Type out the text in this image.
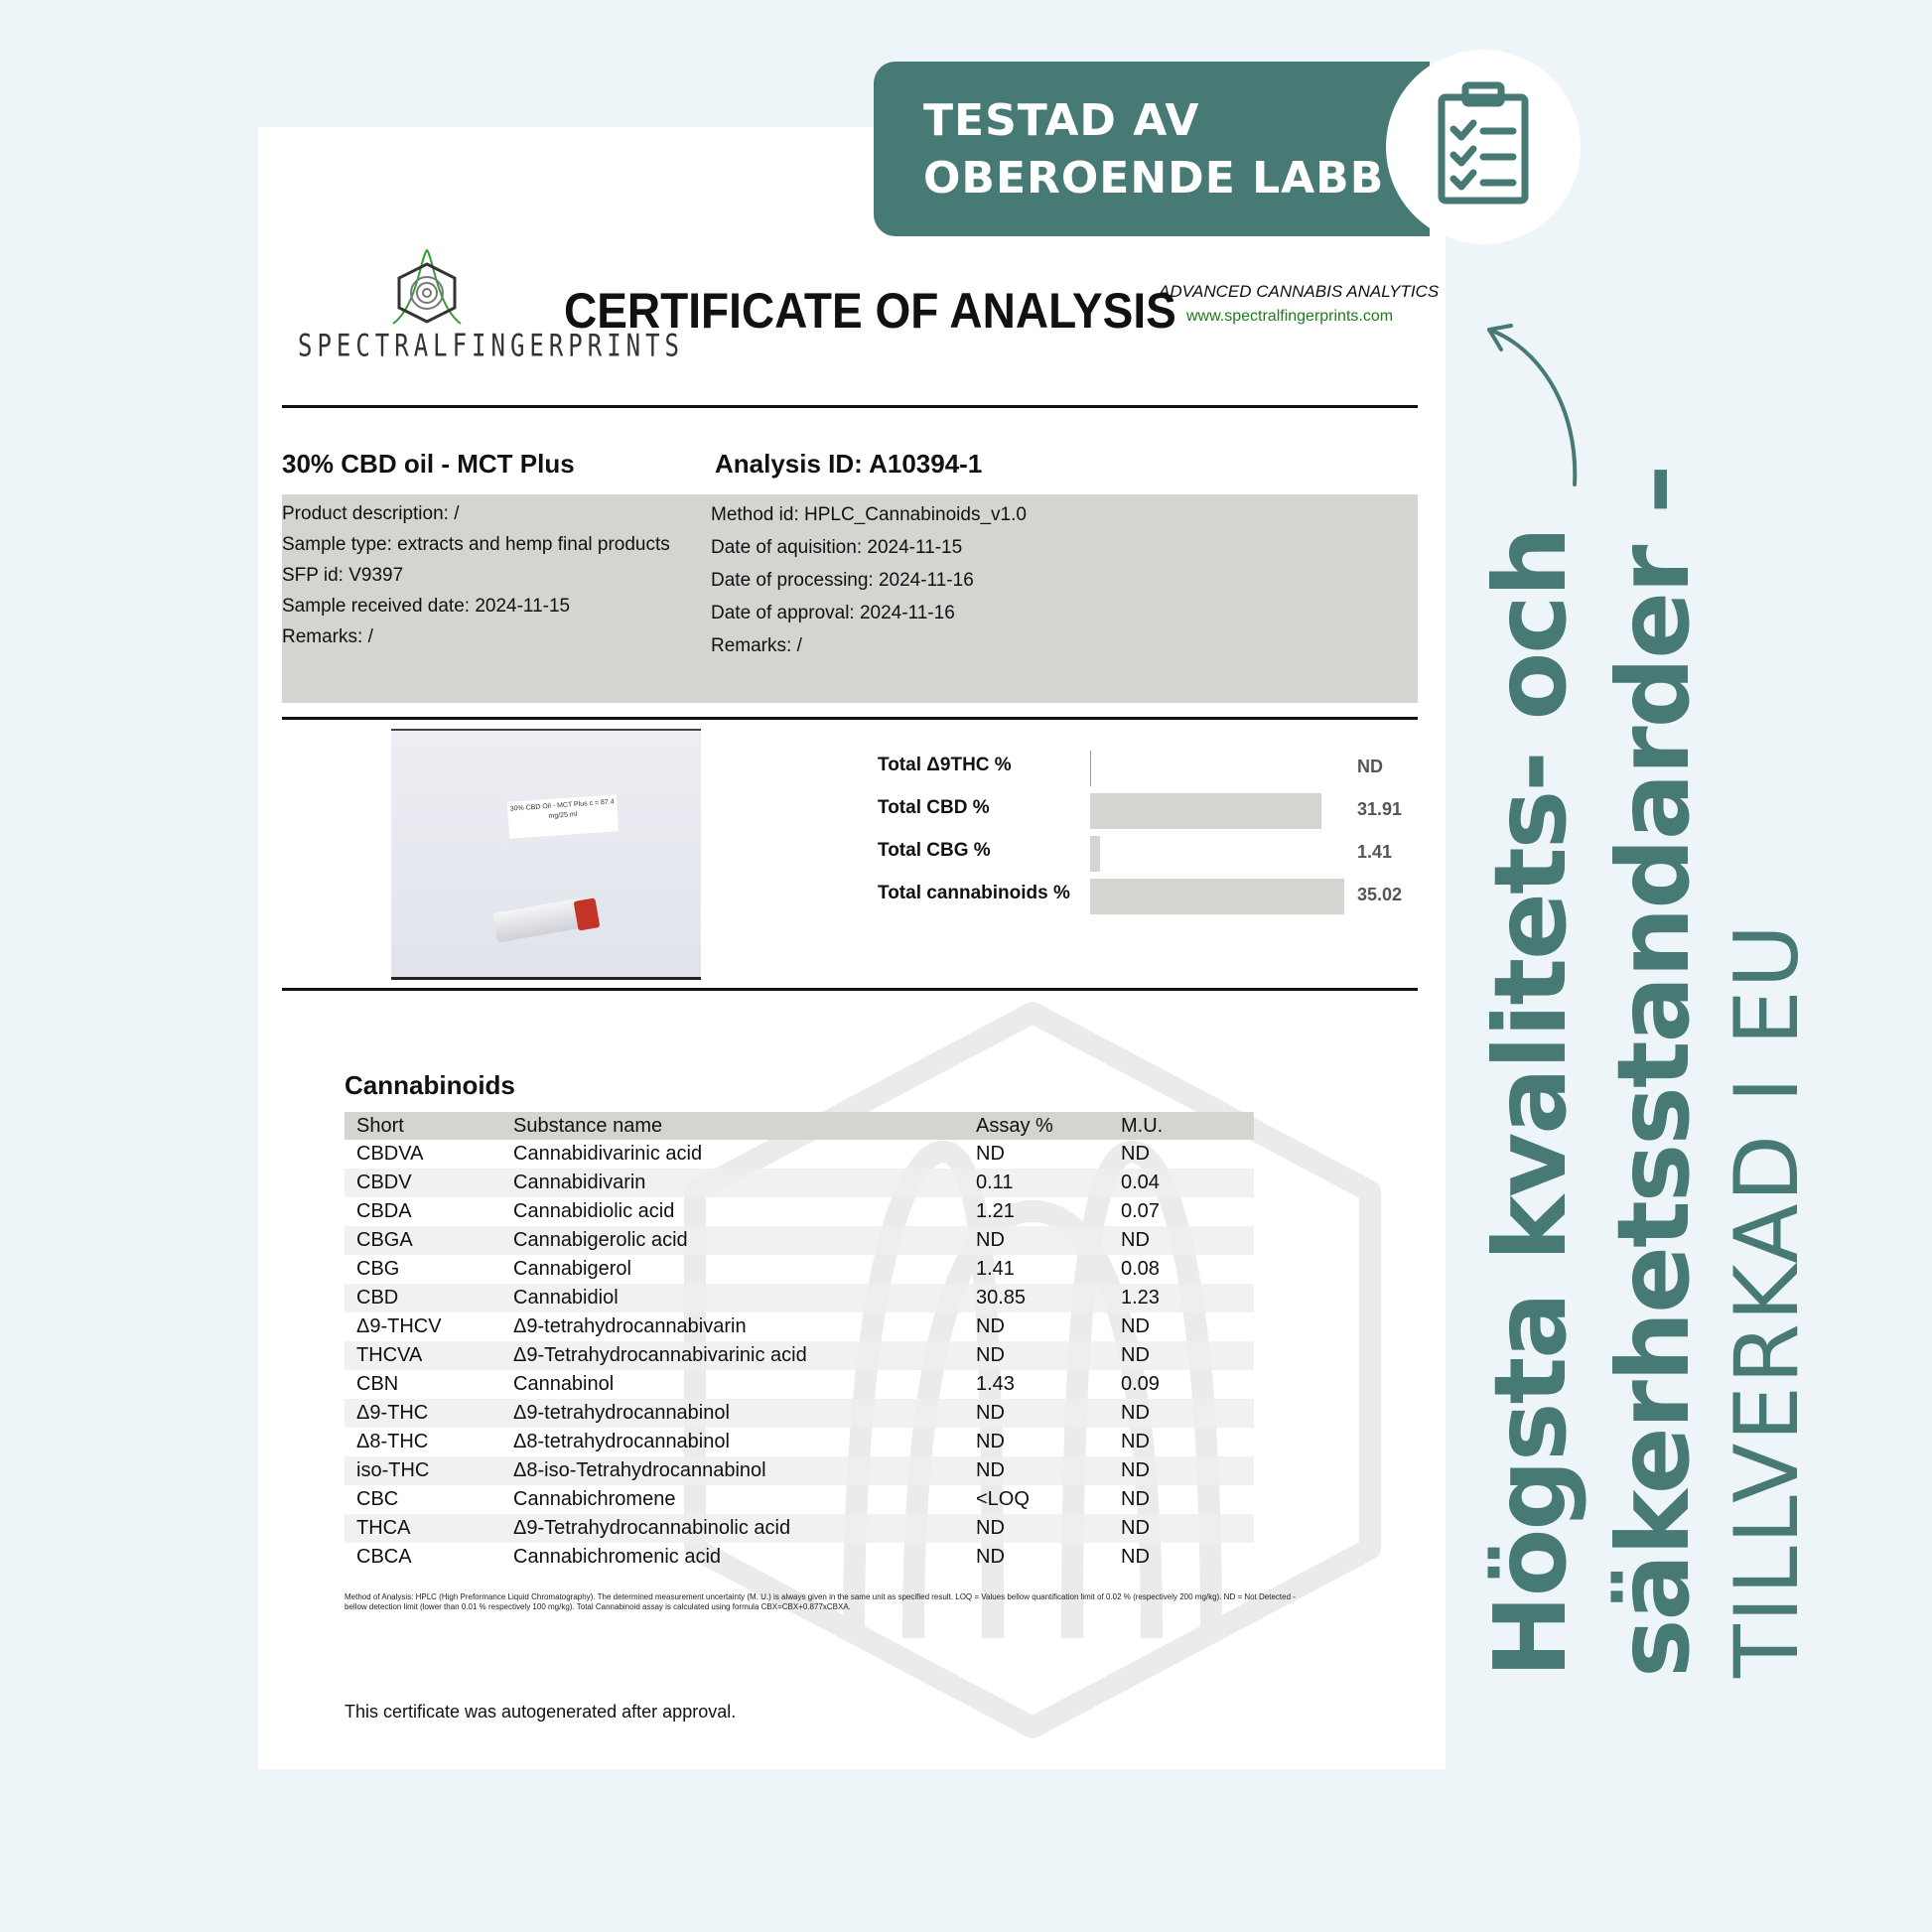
Högsta kvalitets- och säkerhetsstandarder – TILLVERKAD I EU
TESTAD AV
OBEROENDE LABB
SPECTRALFINGERPRINTS
CERTIFICATE OF ANALYSIS
ADVANCED CANNABIS ANALYTICS
www.spectralfingerprints.com
30% CBD oil - MCT Plus	Analysis ID: A10394-1
Product description: /
Sample type: extracts and hemp final products
SFP id: V9397
Sample received date: 2024-11-15
Remarks: /
Method id: HPLC_Cannabinoids_v1.0
Date of aquisition: 2024-11-15
Date of processing: 2024-11-16
Date of approval: 2024-11-16
Remarks: /
30% CBD Oil - MCT Plus c = 87.4 mg/25 ml
Total Δ9THC %	ND
Total CBD %	31.91
Total CBG %	1.41
Total cannabinoids %	35.02
Cannabinoids
Short	Substance name	Assay %	M.U.
CBDVA	Cannabidivarinic acid	ND	ND
CBDV	Cannabidivarin	0.11	0.04
CBDA	Cannabidiolic acid	1.21	0.07
CBGA	Cannabigerolic acid	ND	ND
CBG	Cannabigerol	1.41	0.08
CBD	Cannabidiol	30.85	1.23
Δ9-THCV	Δ9-tetrahydrocannabivarin	ND	ND
THCVA	Δ9-Tetrahydrocannabivarinic acid	ND	ND
CBN	Cannabinol	1.43	0.09
Δ9-THC	Δ9-tetrahydrocannabinol	ND	ND
Δ8-THC	Δ8-tetrahydrocannabinol	ND	ND
iso-THC	Δ8-iso-Tetrahydrocannabinol	ND	ND
CBC	Cannabichromene	<LOQ	ND
THCA	Δ9-Tetrahydrocannabinolic acid	ND	ND
CBCA	Cannabichromenic acid	ND	ND
Method of Analysis: HPLC (High Preformance Liquid Chromatography). The determined measurement uncertainty (M. U.) is always given in the same unit as specified result. LOQ = Values bellow quantification limit of 0.02 % (respectively 200 mg/kg). ND = Not Detected - bellow detection limit (lower than 0.01 % respectively 100 mg/kg). Total Cannabinoid assay is calculated using formula CBX=CBX+0.877xCBXA.
This certificate was autogenerated after approval.
